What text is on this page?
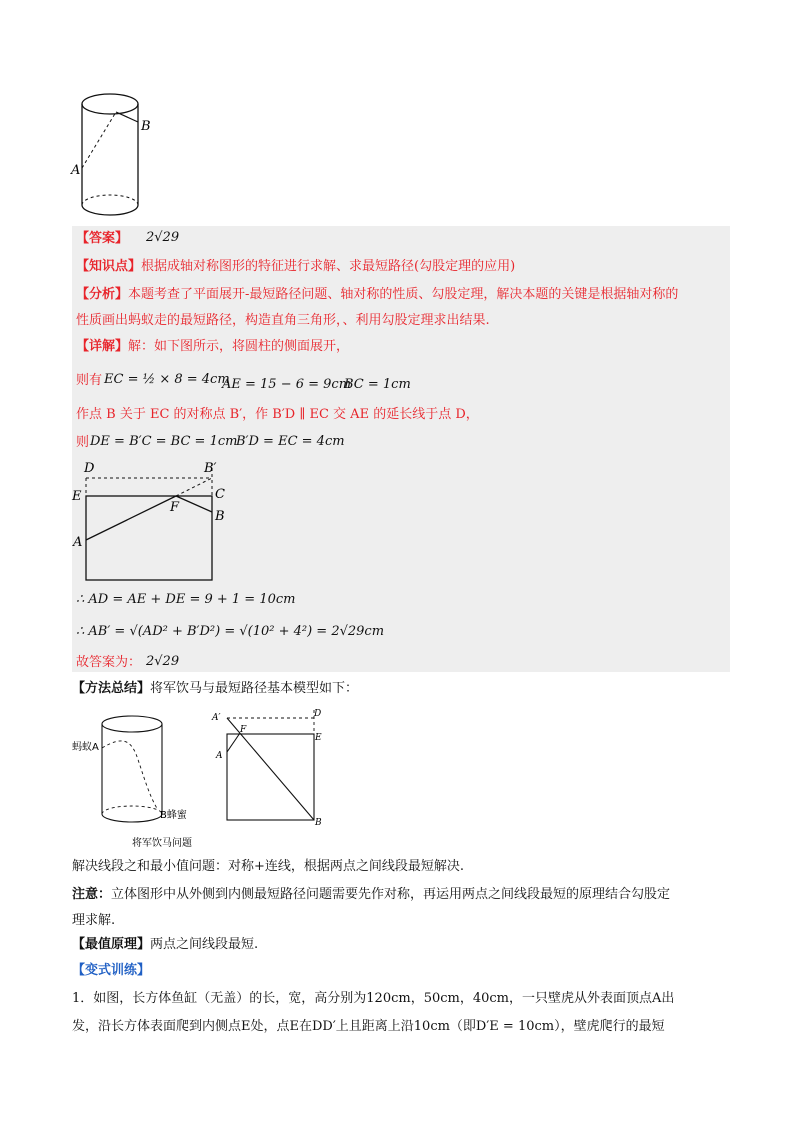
B
A
【答案】 2√29
【知识点】根据成轴对称图形的特征进行求解、求最短路径(勾股定理的应用)
【分析】本题考查了平面展开-最短路径问题、轴对称的性质、勾股定理，解决本题的关键是根据轴对称的
性质画出蚂蚁走的最短路径，构造直角三角形，、利用勾股定理求出结果.
【详解】解：如下图所示，将圆柱的侧面展开，
则有 EC = ½ × 8 = 4cm
AE = 15 − 6 = 9cm
BC = 1cm
作点 B 关于 EC 的对称点 B′，作 B′D ∥ EC 交 AE 的延长线于点 D，
则 DE = B′C = BC = 1cm
B′D = EC = 4cm
D	B′
E	C
F
B
A
∴ AD = AE + DE = 9 + 1 = 10cm
∴ AB′ = √(AD² + B′D²) = √(10² + 4²) = 2√29cm
故答案为： 2√29
【方法总结】将军饮马与最短路径基本模型如下：
蚂蚁A
B蜂蜜
将军饮马问题
A′	D
F
E
A
B
解决线段之和最小值问题：对称+连线，根据两点之间线段最短解决.
注意：立体图形中从外侧到内侧最短路径问题需要先作对称，再运用两点之间线段最短的原理结合勾股定
理求解.
【最值原理】两点之间线段最短.
【变式训练】
1．如图，长方体鱼缸（无盖）的长，宽，高分别为120cm，50cm，40cm，一只壁虎从外表面顶点A出
发，沿长方体表面爬到内侧点E处，点E在DD′上且距离上沿10cm（即D′E = 10cm），壁虎爬行的最短
